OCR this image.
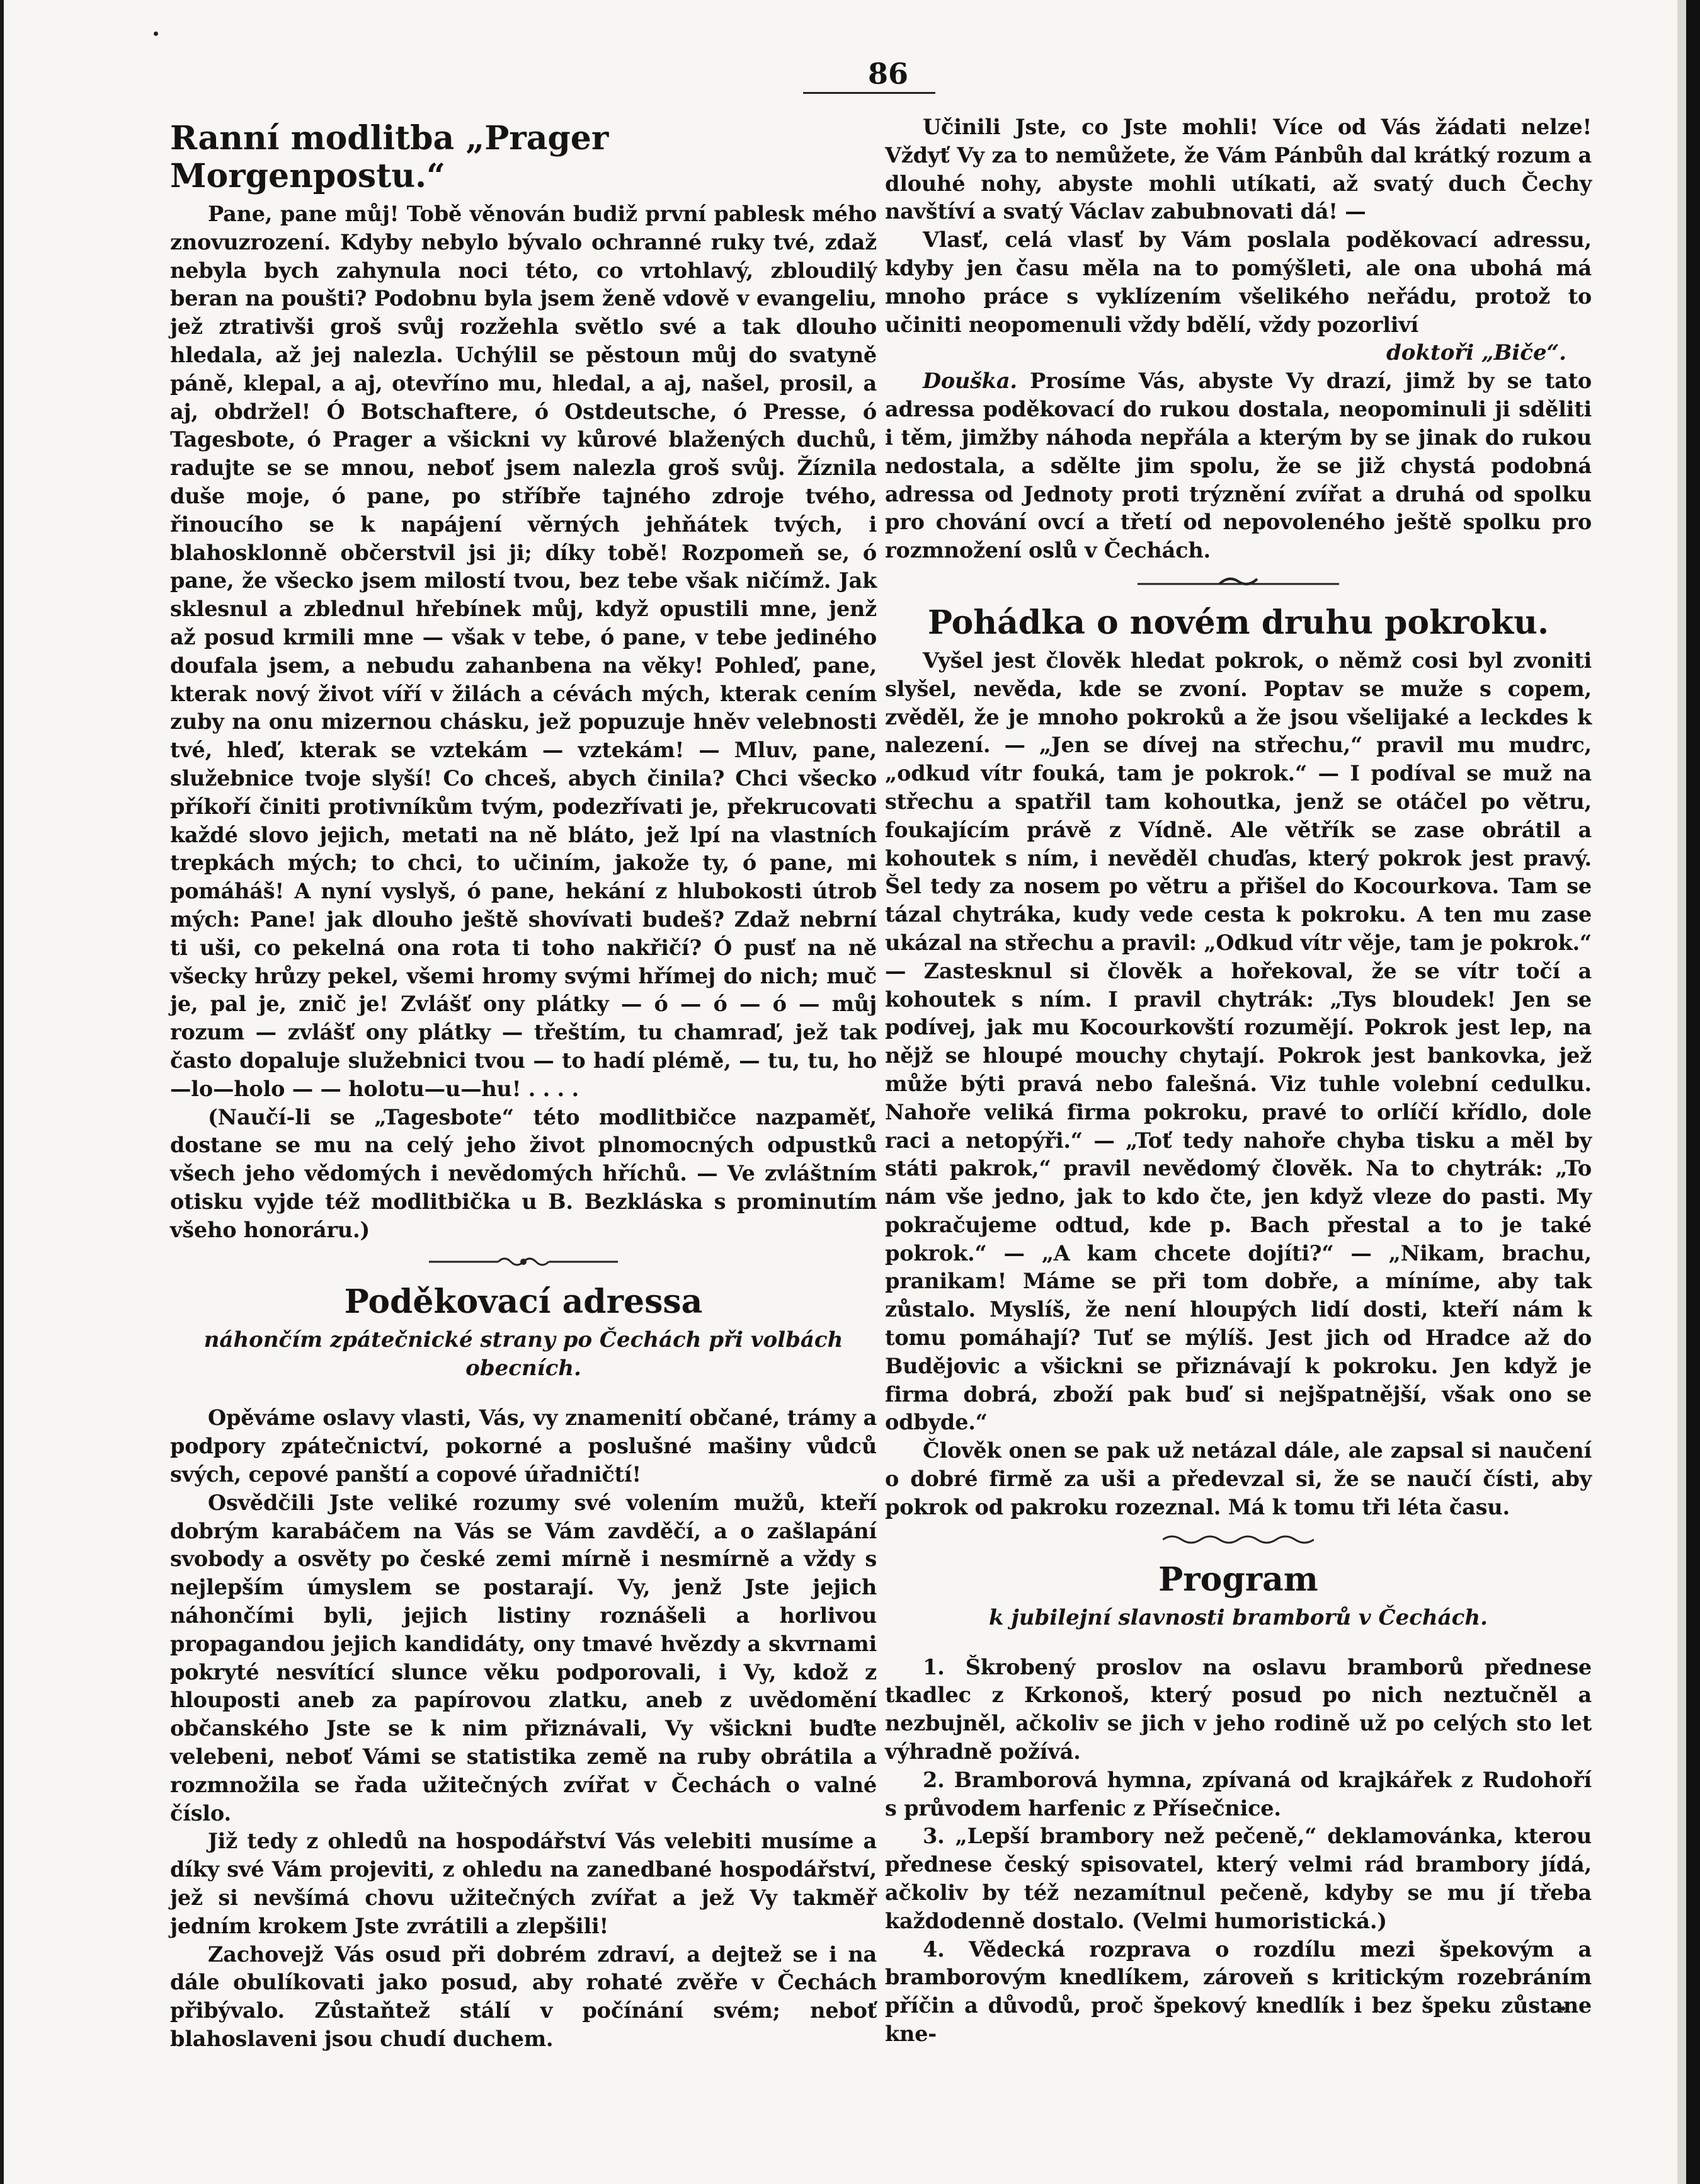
86
Ranní modlitba „Prager Morgenpostu.“

Pane, pane můj! Tobě věnován budiž první pablesk mého znovuzrození. Kdyby nebylo bývalo ochranné ruky tvé, zdaž nebyla bych zahynula noci této, co vrtohlavý, zbloudilý beran na poušti? Podobnu byla jsem ženě vdově v evangeliu, jež ztrativši groš svůj rozžehla světlo své a tak dlouho hledala, až jej nalezla. Uchýlil se pěstoun můj do svatyně páně, klepal, a aj, otevříno mu, hledal, a aj, našel, prosil, a aj, obdržel! Ó Botschaftere, ó Ostdeutsche, ó Presse, ó Tagesbote, ó Prager a všickni vy kůrové blažených duchů, radujte se se mnou, neboť jsem nalezla groš svůj. Žíznila duše moje, ó pane, po stříbře tajného zdroje tvého, řinoucího se k napájení věrných jehňátek tvých, i blahosklonně občerstvil jsi ji; díky tobě! Rozpomeň se, ó pane, že všecko jsem milostí tvou, bez tebe však ničímž. Jak sklesnul a zblednul hřebínek můj, když opustili mne, jenž až posud krmili mne — však v tebe, ó pane, v tebe jediného doufala jsem, a nebudu zahanbena na věky! Pohleď, pane, kterak nový život víří v žilách a cévách mých, kterak cením zuby na onu mizernou chásku, jež popuzuje hněv velebnosti tvé, hleď, kterak se vztekám — vztekám! — Mluv, pane, služebnice tvoje slyší! Co chceš, abych činila? Chci všecko příkoří činiti protivníkům tvým, podezřívati je, překrucovati každé slovo jejich, metati na ně bláto, jež lpí na vlastních trepkách mých; to chci, to učiním, jakože ty, ó pane, mi pomáháš! A nyní vyslyš, ó pane, hekání z hlubokosti útrob mých: Pane! jak dlouho ještě shovívati budeš? Zdaž nebrní ti uši, co pekelná ona rota ti toho nakřičí? Ó pusť na ně všecky hrůzy pekel, všemi hromy svými hřímej do nich; muč je, pal je, znič je! Zvlášť ony plátky — ó — ó — ó — můj rozum — zvlášť ony plátky — třeštím, tu chamraď, jež tak často dopaluje služebnici tvou — to hadí plémě, — tu, tu, ho—lo—holo — — holotu—u—hu! . . . .

(Naučí-li se „Tagesbote“ této modlitbičce nazpaměť, dostane se mu na celý jeho život plnomocných odpustků všech jeho vědomých i nevědomých hříchů. — Ve zvláštním otisku vyjde též modlitbička u B. Bezkláska s prominutím všeho honoráru.)

Poděkovací adressa
náhončím zpátečnické strany po Čechách při volbách obecních.

Opěváme oslavy vlasti, Vás, vy znamenití občané, trámy a podpory zpátečnictví, pokorné a poslušné mašiny vůdců svých, cepové panští a copové úřadničtí!

Osvědčili Jste veliké rozumy své volením mužů, kteří dobrým karabáčem na Vás se Vám zavděčí, a o zašlapání svobody a osvěty po české zemi mírně i nesmírně a vždy s nejlepším úmyslem se postarají. Vy, jenž Jste jejich náhončími byli, jejich listiny roznášeli a horlivou propagandou jejich kandidáty, ony tmavé hvězdy a skvrnami pokryté nesvítící slunce věku podporovali, i Vy, kdož z hlouposti aneb za papírovou zlatku, aneb z uvědomění občanského Jste se k nim přiznávali, Vy všickni buďte velebeni, neboť Vámi se statistika země na ruby obrátila a rozmnožila se řada užitečných zvířat v Čechách o valné číslo.

Již tedy z ohledů na hospodářství Vás velebiti musíme a díky své Vám projeviti, z ohledu na zanedbané hospodářství, jež si nevšímá chovu užitečných zvířat a jež Vy takměř jedním krokem Jste zvrátili a zlepšili!

Zachovejž Vás osud při dobrém zdraví, a dejtež se i na dále obulíkovati jako posud, aby rohaté zvěře v Čechách přibývalo. Zůstaňtež stálí v počínání svém; neboť blahoslaveni jsou chudí duchem.

Učinili Jste, co Jste mohli! Více od Vás žádati nelze! Vždyť Vy za to nemůžete, že Vám Pánbůh dal krátký rozum a dlouhé nohy, abyste mohli utíkati, až svatý duch Čechy navštíví a svatý Václav zabubnovati dá! —

Vlasť, celá vlasť by Vám poslala poděkovací adressu, kdyby jen času měla na to pomýšleti, ale ona ubohá má mnoho práce s vyklízením všelikého neřádu, protož to učiniti neopomenuli vždy bdělí, vždy pozorliví

doktoři „Biče“.

Douška. Prosíme Vás, abyste Vy drazí, jimž by se tato adressa poděkovací do rukou dostala, neopominuli ji sděliti i těm, jimžby náhoda nepřála a kterým by se jinak do rukou nedostala, a sdělte jim spolu, že se již chystá podobná adressa od Jednoty proti trýznění zvířat a druhá od spolku pro chování ovcí a třetí od nepovoleného ještě spolku pro rozmnožení oslů v Čechách.

Pohádka o novém druhu pokroku.

Vyšel jest člověk hledat pokrok, o němž cosi byl zvoniti slyšel, nevěda, kde se zvoní. Poptav se muže s copem, zvěděl, že je mnoho pokroků a že jsou všelijaké a leckdes k nalezení. — „Jen se dívej na střechu,“ pravil mu mudrc, „odkud vítr fouká, tam je pokrok.“ — I podíval se muž na střechu a spatřil tam kohoutka, jenž se otáčel po větru, foukajícím právě z Vídně. Ale větřík se zase obrátil a kohoutek s ním, i nevěděl chuďas, který pokrok jest pravý. Šel tedy za nosem po větru a přišel do Kocourkova. Tam se tázal chytráka, kudy vede cesta k pokroku. A ten mu zase ukázal na střechu a pravil: „Odkud vítr věje, tam je pokrok.“ — Zastesknul si člověk a hořekoval, že se vítr točí a kohoutek s ním. I pravil chytrák: „Tys bloudek! Jen se podívej, jak mu Kocourkovští rozumějí. Pokrok jest lep, na nějž se hloupé mouchy chytají. Pokrok jest bankovka, jež může býti pravá nebo falešná. Viz tuhle volební cedulku. Nahoře veliká firma pokroku, pravé to orlíčí křídlo, dole raci a netopýři.“ — „Toť tedy nahoře chyba tisku a měl by státi pakrok,“ pravil nevědomý člověk. Na to chytrák: „To nám vše jedno, jak to kdo čte, jen když vleze do pasti. My pokračujeme odtud, kde p. Bach přestal a to je také pokrok.“ — „A kam chcete dojíti?“ — „Nikam, brachu, pranikam! Máme se při tom dobře, a míníme, aby tak zůstalo. Myslíš, že není hloupých lidí dosti, kteří nám k tomu pomáhají? Tuť se mýlíš. Jest jich od Hradce až do Budějovic a všickni se přiznávají k pokroku. Jen když je firma dobrá, zboží pak buď si nejšpatnější, však ono se odbyde.“

Člověk onen se pak už netázal dále, ale zapsal si naučení o dobré firmě za uši a předevzal si, že se naučí čísti, aby pokrok od pakroku rozeznal. Má k tomu tři léta času.

Program
k jubilejní slavnosti bramborů v Čechách.

1. Škrobený proslov na oslavu bramborů přednese tkadlec z Krkonoš, který posud po nich neztučněl a nezbujněl, ačkoliv se jich v jeho rodině už po celých sto let výhradně požívá.

2. Bramborová hymna, zpívaná od krajkářek z Rudohoří s průvodem harfenic z Přísečnice.

3. „Lepší brambory než pečeně,“ deklamovánka, kterou přednese český spisovatel, který velmi rád brambory jídá, ačkoliv by též nezamítnul pečeně, kdyby se mu jí třeba každodenně dostalo. (Velmi humoristická.)

4. Vědecká rozprava o rozdílu mezi špekovým a bramborovým knedlíkem, zároveň s kritickým rozebráním příčin a důvodů, proč špekový knedlík i bez špeku zůstane kne-
